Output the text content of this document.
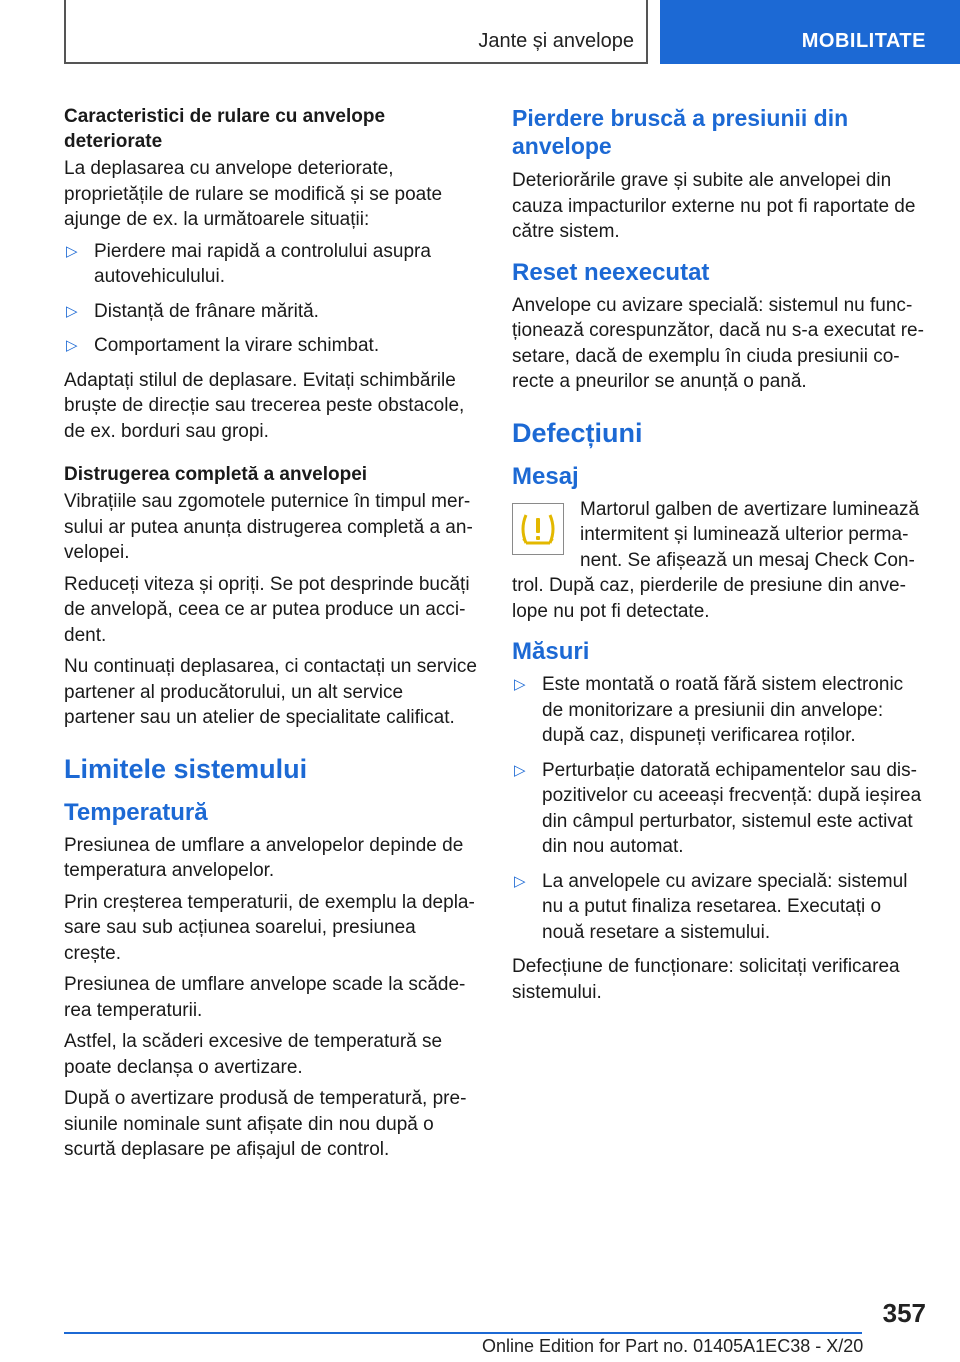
Jante și anvelope	MOBILITATE
Caracteristici de rulare cu anvelope deteriorate

La deplasarea cu anvelope deteriorate, proprietățile de rulare se modifică și se poate ajunge de ex. la următoarele situații:

▷ Pierdere mai rapidă a controlului asupra autovehiculului.
▷ Distanță de frânare mărită.
▷ Comportament la virare schimbat.

Adaptați stilul de deplasare. Evitați schimbările bruște de direcție sau trecerea peste obstacole, de ex. borduri sau gropi.

Distrugerea completă a anvelopei

Vibrațiile sau zgomotele puternice în timpul mersului ar putea anunța distrugerea completă a anvelopei.

Reduceți viteza și opriți. Se pot desprinde bucăți de anvelopă, ceea ce ar putea produce un accident.

Nu continuați deplasarea, ci contactați un service partener al producătorului, un alt service partener sau un atelier de specialitate calificat.

Limitele sistemului
Temperatură

Presiunea de umflare a anvelopelor depinde de temperatura anvelopelor.

Prin creșterea temperaturii, de exemplu la deplasare sau sub acțiunea soarelui, presiunea crește.

Presiunea de umflare anvelope scade la scăderea temperaturii.

Astfel, la scăderi excesive de temperatură se poate declanșa o avertizare.

După o avertizare produsă de temperatură, presiunile nominale sunt afișate din nou după o scurtă deplasare pe afișajul de control.

Pierdere bruscă a presiunii din anvelope

Deteriorările grave și subite ale anvelopei din cauza impacturilor externe nu pot fi raportate de către sistem.

Reset neexecutat

Anvelope cu avizare specială: sistemul nu funcționează corespunzător, dacă nu s-a executat resetare, dacă de exemplu în ciuda presiunii corecte a pneurilor se anunță o pană.

Defecțiuni
Mesaj

Martorul galben de avertizare luminează intermitent și luminează ulterior permanent. Se afișează un mesaj Check Control. După caz, pierderile de presiune din anvelope nu pot fi detectate.

Măsuri
▷ Este montată o roată fără sistem electronic de monitorizare a presiunii din anvelope: după caz, dispuneți verificarea roților.
▷ Perturbație datorată echipamentelor sau dispozitivelor cu aceeași frecvență: după ieșirea din câmpul perturbator, sistemul este activat din nou automat.
▷ La anvelopele cu avizare specială: sistemul nu a putut finaliza resetarea. Executați o nouă resetare a sistemului.

Defecțiune de funcționare: solicitați verificarea sistemului.

357
Online Edition for Part no. 01405A1EC38 - X/20
